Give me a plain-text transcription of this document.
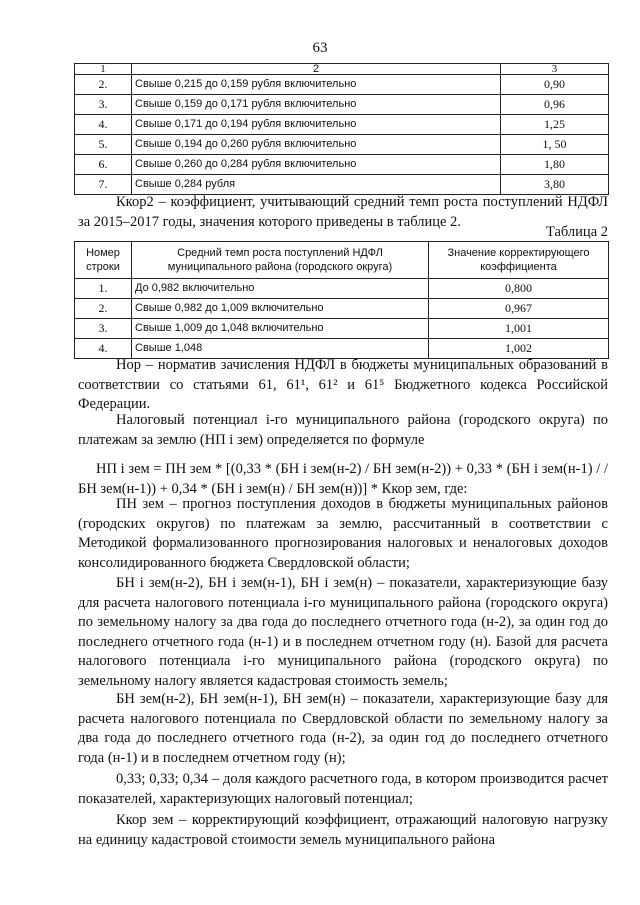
63
1	2	3
2.	Свыше 0,215 до 0,159 рубля включительно	0,90
3.	Свыше 0,159 до 0,171 рубля включительно	0,96
4.	Свыше 0,171 до 0,194 рубля включительно	1,25
5.	Свыше 0,194 до 0,260 рубля включительно	1, 50
6.	Свыше 0,260 до 0,284 рубля включительно	1,80
7.	Свыше 0,284 рубля	3,80

Ккор2 – коэффициент, учитывающий средний темп роста поступлений НДФЛ за 2015–2017 годы, значения которого приведены в таблице 2.

Таблица 2

Номер строки	Средний темп роста поступлений НДФЛ муниципального района (городского округа)	Значение корректирующего коэффициента
1.	До 0,982 включительно	0,800
2.	Свыше 0,982 до 1,009 включительно	0,967
3.	Свыше 1,009 до 1,048 включительно	1,001
4.	Свыше 1,048	1,002

Нор – норматив зачисления НДФЛ в бюджеты муниципальных образований в соответствии со статьями 61, 61¹, 61² и 61⁵ Бюджетного кодекса Российской Федерации.

Налоговый потенциал i-го муниципального района (городского округа) по платежам за землю (НП i зем) определяется по формуле

НП i зем = ПН зем * [(0,33 * (БН i зем(н-2) / БН зем(н-2)) + 0,33 * (БН i зем(н-1) / / БН зем(н-1)) + 0,34 * (БН i зем(н) / БН зем(н))] * Ккор зем, где:

ПН зем – прогноз поступления доходов в бюджеты муниципальных районов (городских округов) по платежам за землю, рассчитанный в соответствии с Методикой формализованного прогнозирования налоговых и неналоговых доходов консолидированного бюджета Свердловской области;

БН i зем(н-2), БН i зем(н-1), БН i зем(н) – показатели, характеризующие базу для расчета налогового потенциала i-го муниципального района (городского округа) по земельному налогу за два года до последнего отчетного года (н-2), за один год до последнего отчетного года (н-1) и в последнем отчетном году (н). Базой для расчета налогового потенциала i-го муниципального района (городского округа) по земельному налогу является кадастровая стоимость земель;

БН зем(н-2), БН зем(н-1), БН зем(н) – показатели, характеризующие базу для расчета налогового потенциала по Свердловской области по земельному налогу за два года до последнего отчетного года (н-2), за один год до последнего отчетного года (н-1) и в последнем отчетном году (н);

0,33; 0,33; 0,34 – доля каждого расчетного года, в котором производится расчет показателей, характеризующих налоговый потенциал;

Ккор зем – корректирующий коэффициент, отражающий налоговую нагрузку на единицу кадастровой стоимости земель муниципального района
